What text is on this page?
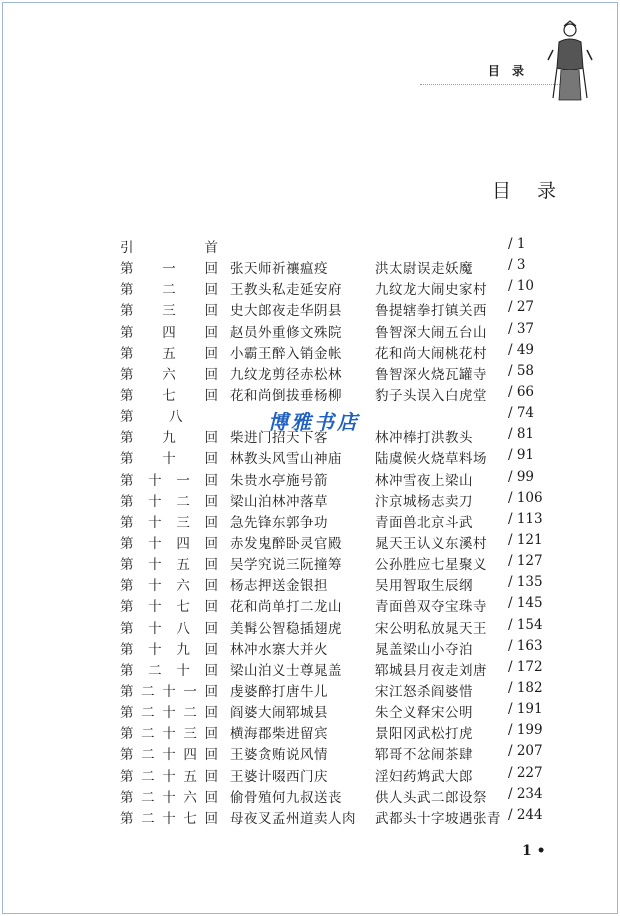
目 录
目 录
引	首	/ 1
第 一 回 张天师祈禳瘟疫	洪太尉误走妖魔	/ 3
第 二 回 王教头私走延安府 九纹龙大闹史家村 / 10
第 三 回 史大郎夜走华阴县 鲁提辖拳打镇关西 / 27
第 四 回 赵员外重修文殊院 鲁智深大闹五台山 / 37
第 五 回 小霸王醉入销金帐 花和尚大闹桃花村 / 49
第 六 回 九纹龙剪径赤松林 鲁智深火烧瓦罐寺 / 58
第 七 回 花和尚倒拔垂杨柳 豹子头误入白虎堂 / 66
第	八	/ 74
第 九 回 柴进门招天下客	林冲棒打洪教头	/ 81
第 十 回 林教头风雪山神庙 陆虞候火烧草料场 / 91
第 十 一 回 朱贵水亭施号箭	林冲雪夜上梁山	/ 99
第 十 二 回 梁山泊林冲落草	汴京城杨志卖刀	/ 106
第 十 三 回 急先锋东郭争功	青面兽北京斗武	/ 113
第 十 四 回 赤发鬼醉卧灵官殿 晁天王认义东溪村 / 121
第 十 五 回 吴学究说三阮撞筹 公孙胜应七星聚义 / 127
第 十 六 回 杨志押送金银担	吴用智取生辰纲	/ 135
第 十 七 回 花和尚单打二龙山 青面兽双夺宝珠寺 / 145
第 十 八 回 美髯公智稳插翅虎 宋公明私放晁天王 / 154
第 十 九 回 林冲水寨大并火	晁盖梁山小夺泊	/ 163
第 二 十 回 梁山泊义士尊晁盖 郓城县月夜走刘唐 / 172
第 二 十 一 回 虔婆醉打唐牛儿	宋江怒杀阎婆惜	/ 182
第 二 十 二 回 阎婆大闹郓城县	朱仝义释宋公明	/ 191
第 二 十 三 回 横海郡柴进留宾	景阳冈武松打虎	/ 199
第 二 十 四 回 王婆贪贿说风情	郓哥不忿闹茶肆	/ 207
第 二 十 五 回 王婆计啜西门庆	淫妇药鸩武大郎	/ 227
第 二 十 六 回 偷骨殖何九叔送丧 供人头武二郎设祭 / 234
第 二 十 七 回 母夜叉孟州道卖人肉 武都头十字坡遇张青 / 244
博雅书店
1 •
